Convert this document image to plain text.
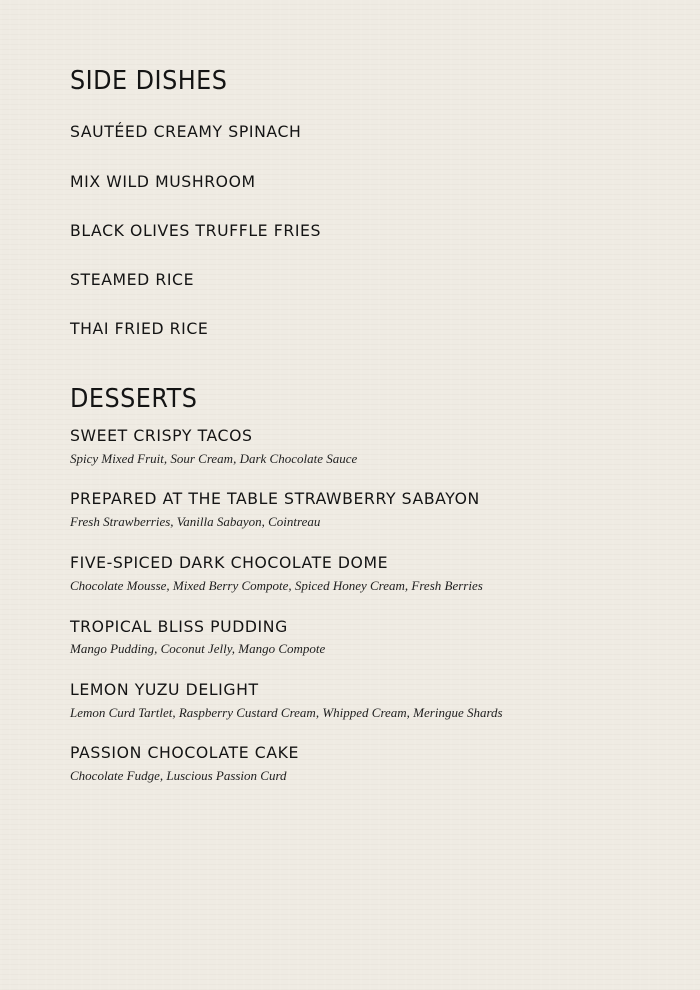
SIDE DISHES
SAUTÉED CREAMY SPINACH
MIX WILD MUSHROOM
BLACK OLIVES TRUFFLE FRIES
STEAMED RICE
THAI FRIED RICE
DESSERTS
SWEET CRISPY TACOS
Spicy Mixed Fruit, Sour Cream, Dark Chocolate Sauce
PREPARED AT THE TABLE STRAWBERRY SABAYON
Fresh Strawberries, Vanilla Sabayon, Cointreau
FIVE-SPICED DARK CHOCOLATE DOME
Chocolate Mousse, Mixed Berry Compote, Spiced Honey Cream, Fresh Berries
TROPICAL BLISS PUDDING
Mango Pudding, Coconut Jelly, Mango Compote
LEMON YUZU DELIGHT
Lemon Curd Tartlet, Raspberry Custard Cream, Whipped Cream, Meringue Shards
PASSION CHOCOLATE CAKE
Chocolate Fudge, Luscious Passion Curd
